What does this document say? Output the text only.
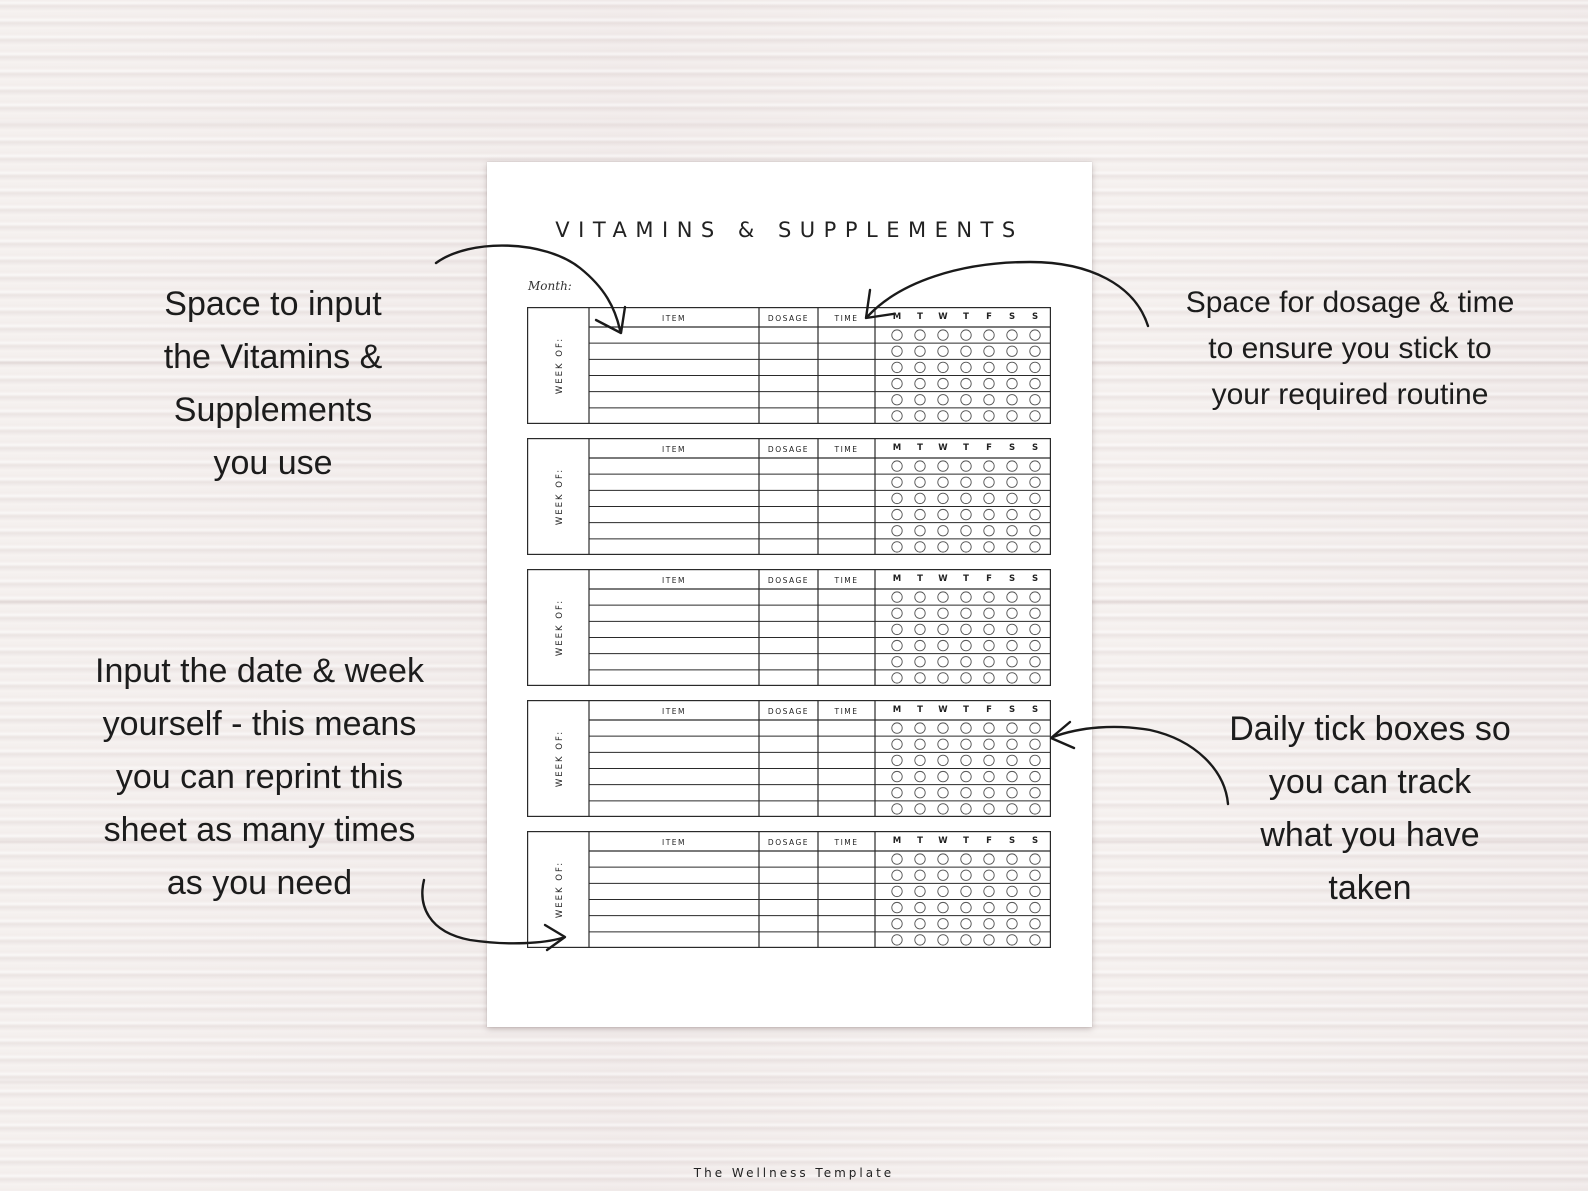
VITAMINS & SUPPLEMENTS
Month:
WEEK OF:
ITEM	DOSAGE	TIME	M T W T F S S
WEEK OF:
ITEM	DOSAGE	TIME	M T W T F S S
WEEK OF:
ITEM	DOSAGE	TIME	M T W T F S S
WEEK OF:
ITEM	DOSAGE	TIME	M T W T F S S
WEEK OF:
ITEM	DOSAGE	TIME	M T W T F S S
Space to input
the Vitamins &
Supplements
you use
Space for dosage & time
to ensure you stick to
your required routine
Input the date & week
yourself - this means
you can reprint this
sheet as many times
as you need
Daily tick boxes so
you can track
what you have
taken
The Wellness Template
